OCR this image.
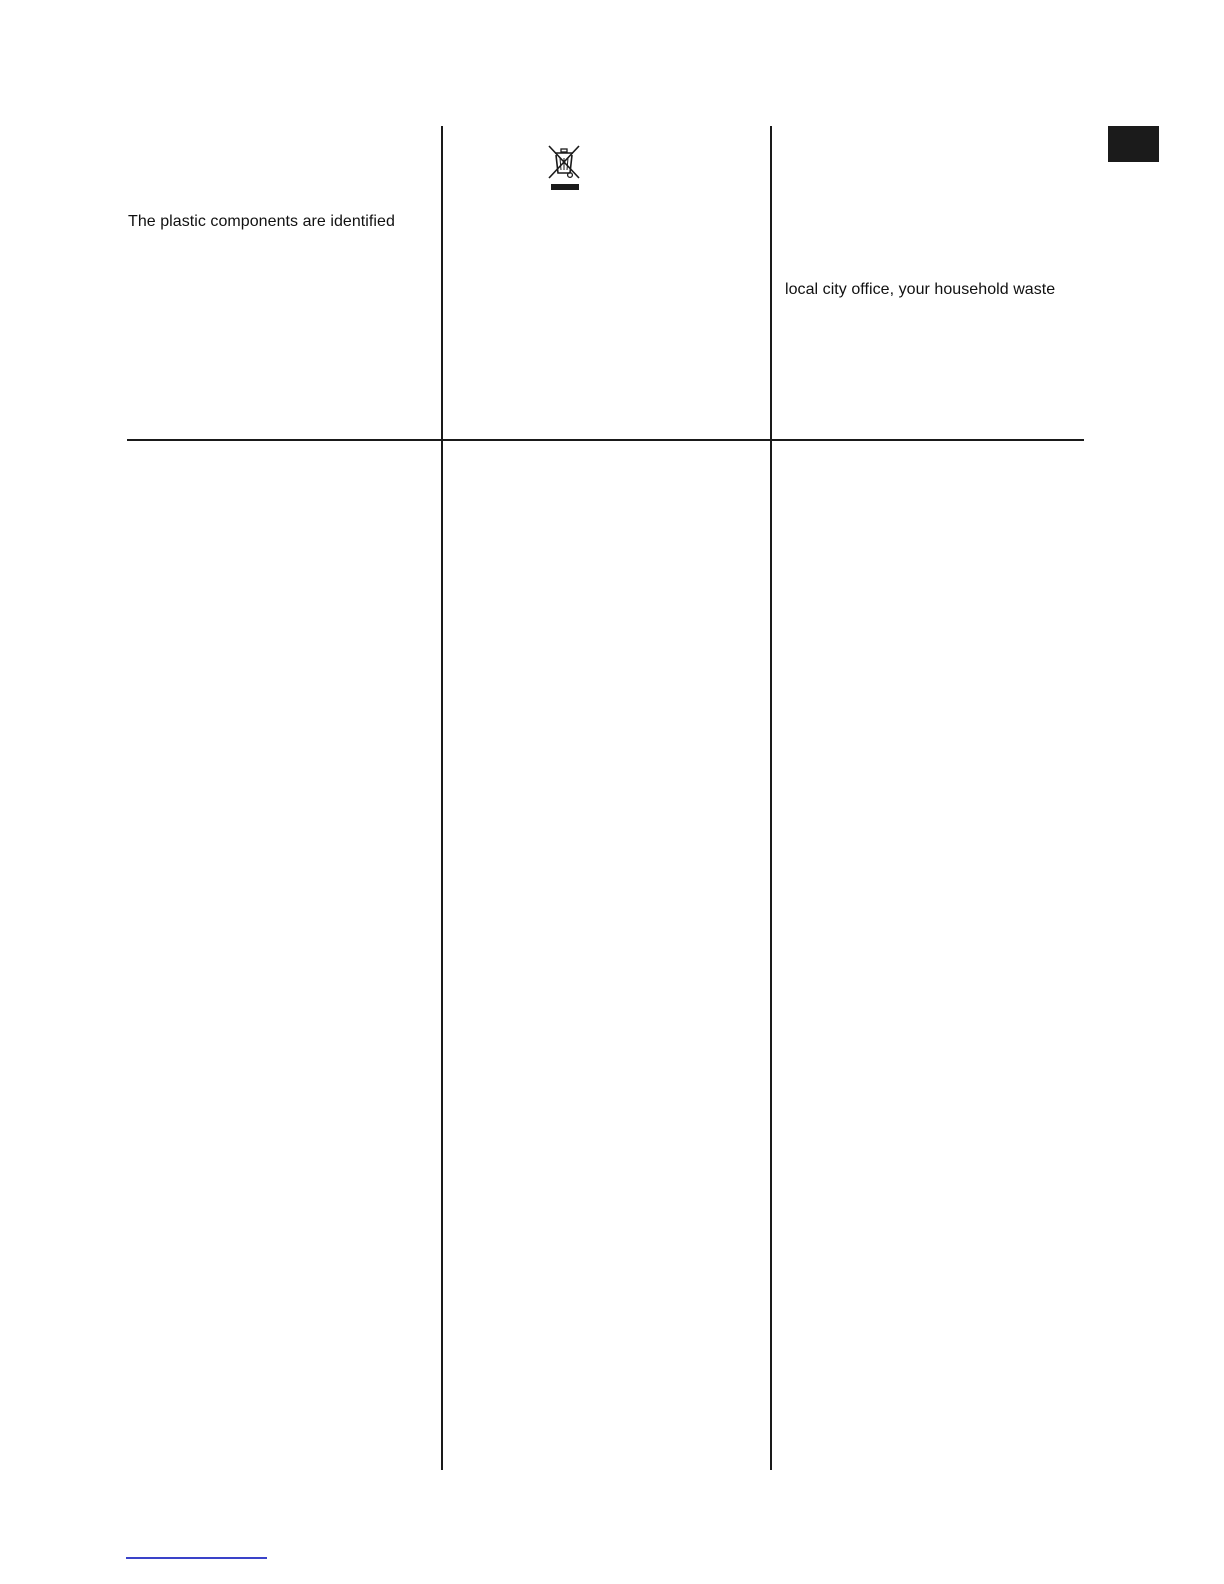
The plastic components are identified
local city office, your household waste
